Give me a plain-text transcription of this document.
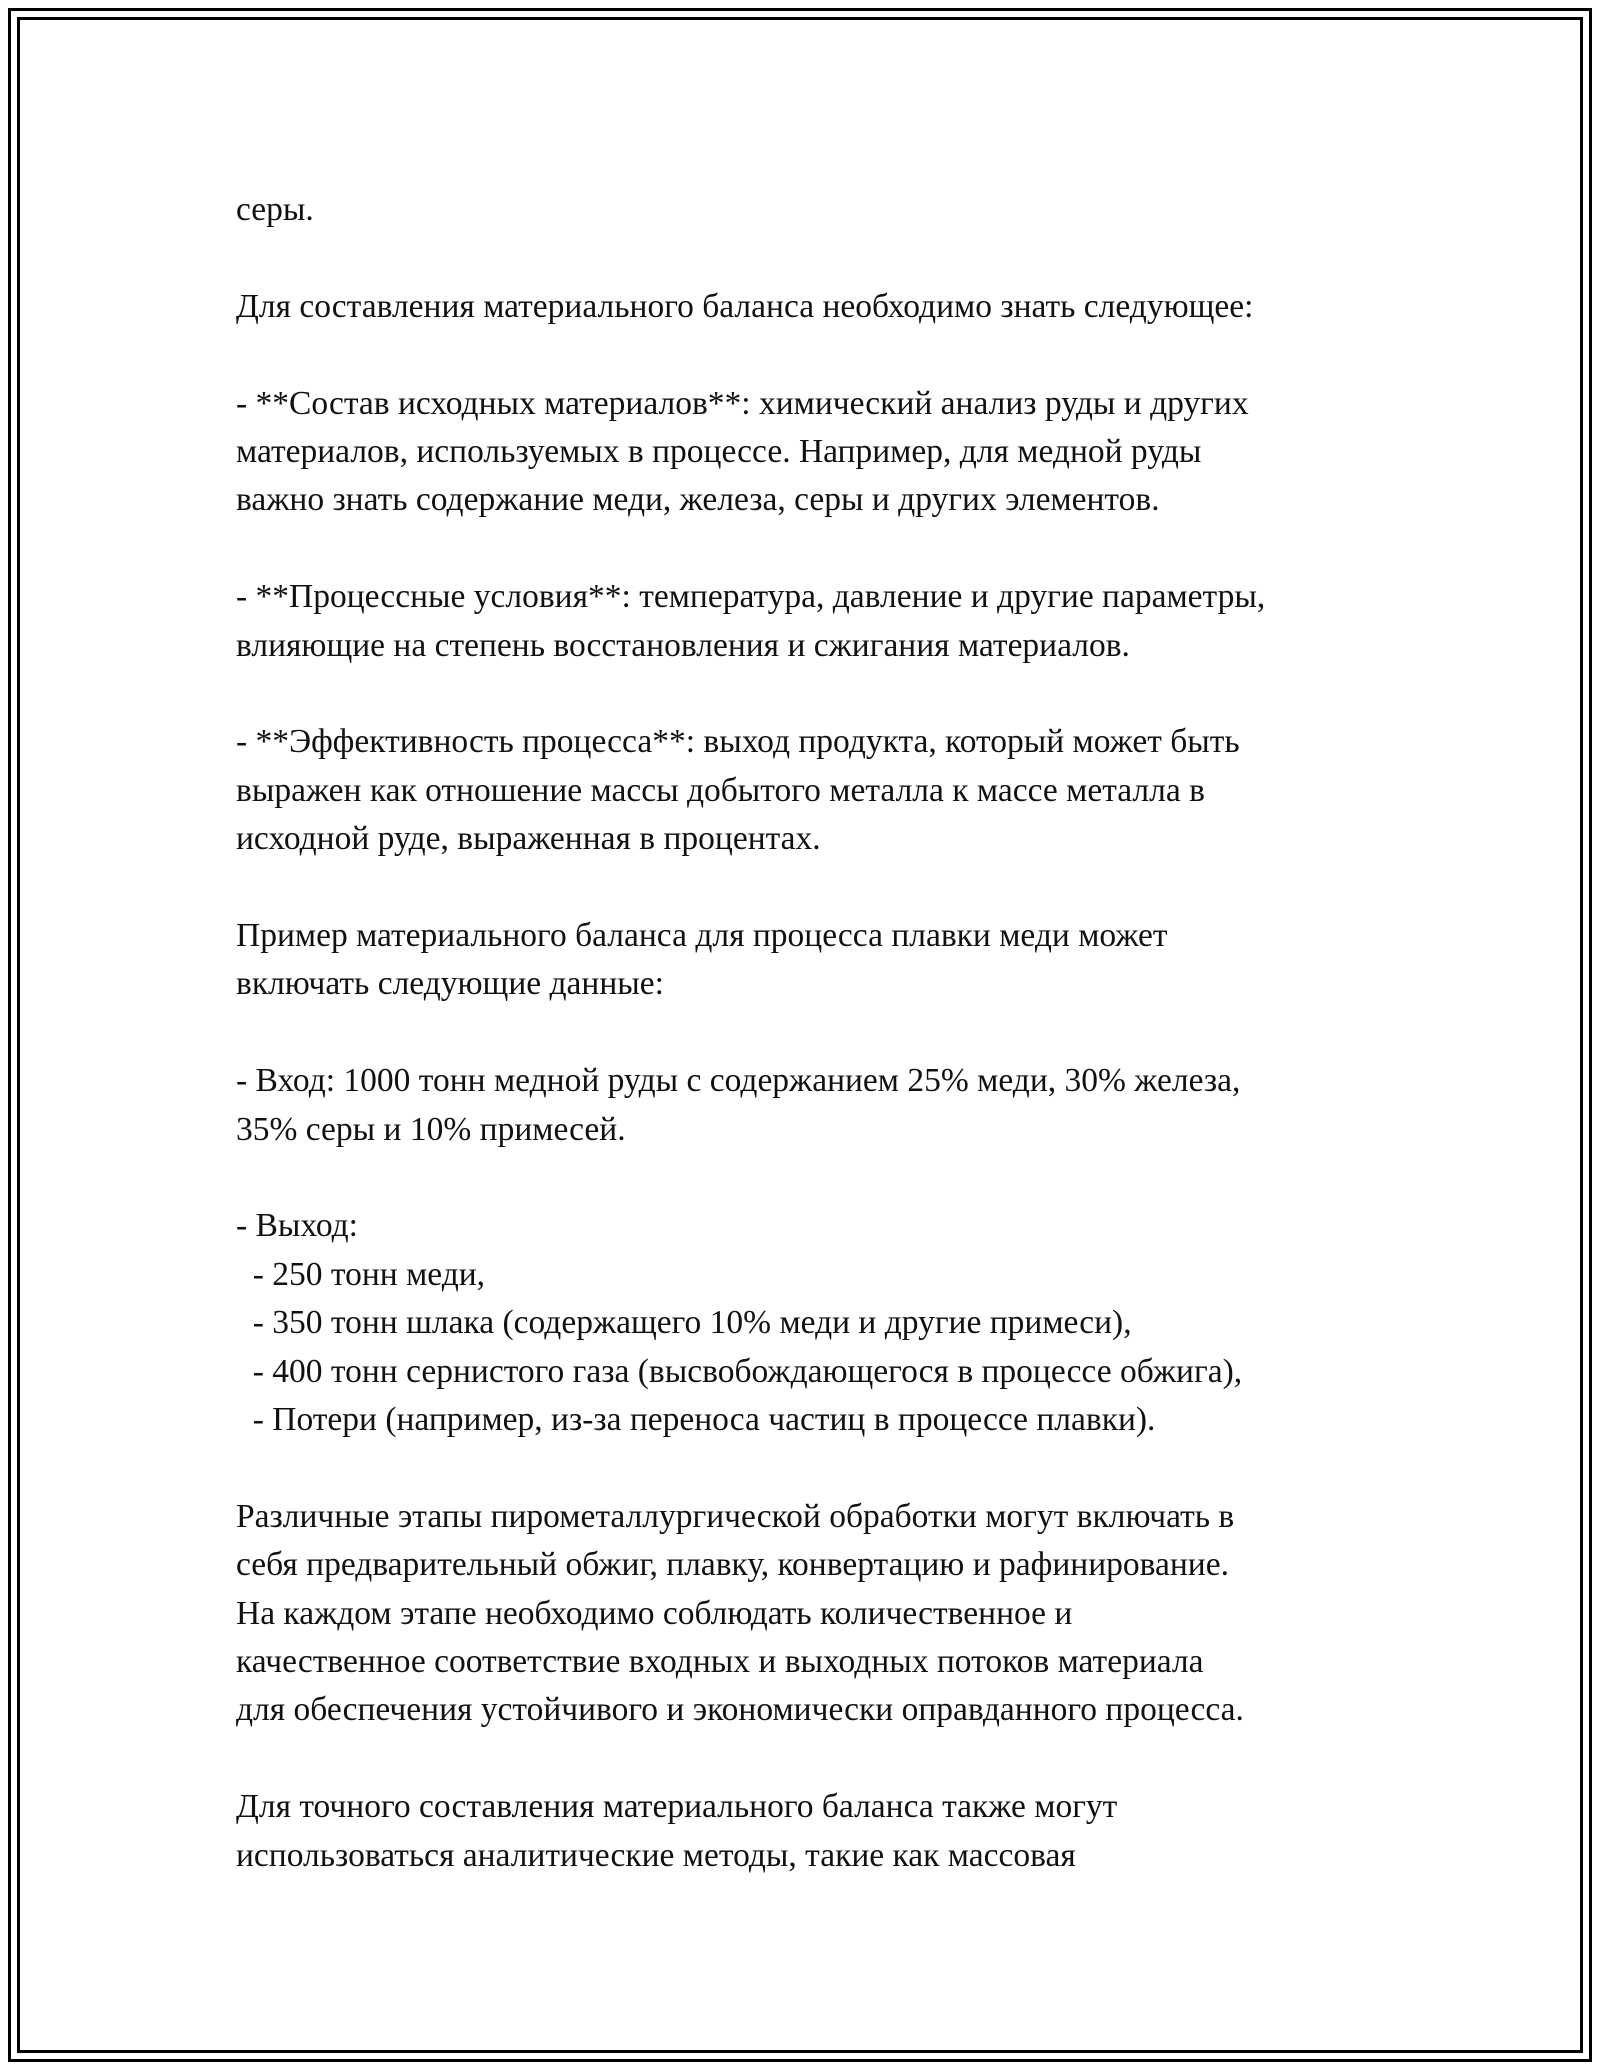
серы.
Для составления материального баланса необходимо знать следующее:
- **Состав исходных материалов**: химический анализ руды и других
материалов, используемых в процессе. Например, для медной руды
важно знать содержание меди, железа, серы и других элементов.
- **Процессные условия**: температура, давление и другие параметры,
влияющие на степень восстановления и сжигания материалов.
- **Эффективность процесса**: выход продукта, который может быть
выражен как отношение массы добытого металла к массе металла в
исходной руде, выраженная в процентах.
Пример материального баланса для процесса плавки меди может
включать следующие данные:
- Вход: 1000 тонн медной руды с содержанием 25% меди, 30% железа,
35% серы и 10% примесей.
- Выход:
- 250 тонн меди,
- 350 тонн шлака (содержащего 10% меди и другие примеси),
- 400 тонн сернистого газа (высвобождающегося в процессе обжига),
- Потери (например, из-за переноса частиц в процессе плавки).
Различные этапы пирометаллургической обработки могут включать в
себя предварительный обжиг, плавку, конвертацию и рафинирование.
На каждом этапе необходимо соблюдать количественное и
качественное соответствие входных и выходных потоков материала
для обеспечения устойчивого и экономически оправданного процесса.
Для точного составления материального баланса также могут
использоваться аналитические методы, такие как массовая
